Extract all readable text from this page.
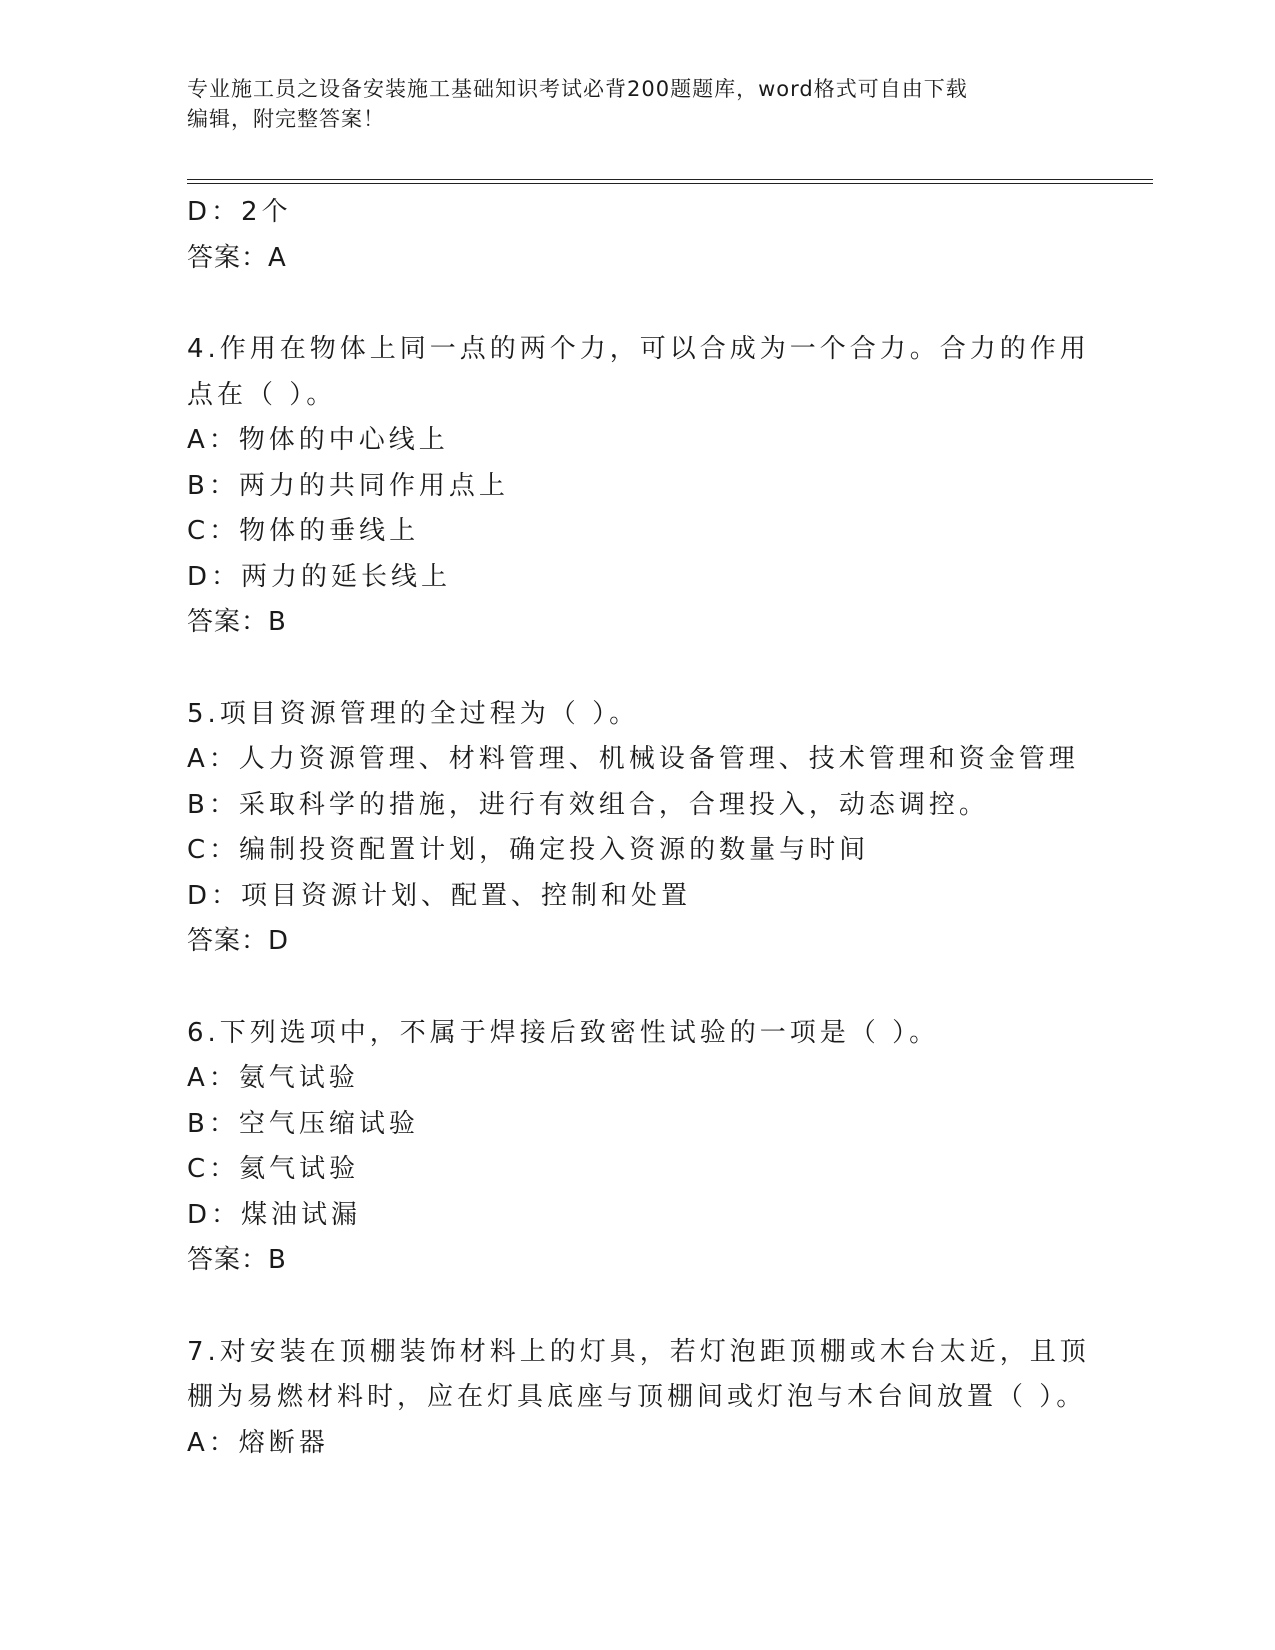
专业施工员之设备安装施工基础知识考试必背200题题库，word格式可自由下载
编辑，附完整答案！
D：2个
答案：A
4.作用在物体上同一点的两个力，可以合成为一个合力。合力的作用
点在（ ）。
A：物体的中心线上
B：两力的共同作用点上
C：物体的垂线上
D：两力的延长线上
答案：B
5.项目资源管理的全过程为（ ）。
A：人力资源管理、材料管理、机械设备管理、技术管理和资金管理
B：采取科学的措施，进行有效组合，合理投入，动态调控。
C：编制投资配置计划，确定投入资源的数量与时间
D：项目资源计划、配置、控制和处置
答案：D
6.下列选项中，不属于焊接后致密性试验的一项是（ ）。
A：氨气试验
B：空气压缩试验
C：氦气试验
D：煤油试漏
答案：B
7.对安装在顶棚装饰材料上的灯具，若灯泡距顶棚或木台太近，且顶
棚为易燃材料时，应在灯具底座与顶棚间或灯泡与木台间放置（ ）。
A：熔断器
